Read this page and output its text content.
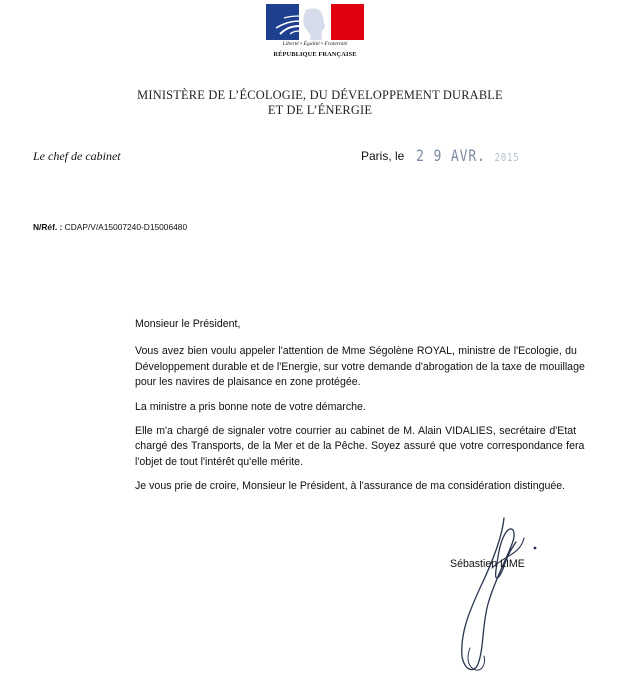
Liberté • Égalité • Fraternité
RÉPUBLIQUE FRANÇAISE
MINISTÈRE DE L’ÉCOLOGIE, DU DÉVELOPPEMENT DURABLE
ET DE L’ÉNERGIE
Le chef de cabinet	Paris, le 2 9 AVR. 2015
N/Réf. : CDAP/V/A15007240-D15006480

Monsieur le Président,

Vous avez bien voulu appeler l'attention de Mme Ségolène ROYAL, ministre de l'Ecologie, du
Développement durable et de l'Energie, sur votre demande d'abrogation de la taxe de mouillage
pour les navires de plaisance en zone protégée.

La ministre a pris bonne note de votre démarche.

Elle m'a chargé de signaler votre courrier au cabinet de M. Alain VIDALIES, secrétaire d'Etat
chargé des Transports, de la Mer et de la Pêche. Soyez assuré que votre correspondance fera
l'objet de tout l'intérêt qu'elle mérite.

Je vous prie de croire, Monsieur le Président, à l'assurance de ma considération distinguée.

Sébastien LIME
